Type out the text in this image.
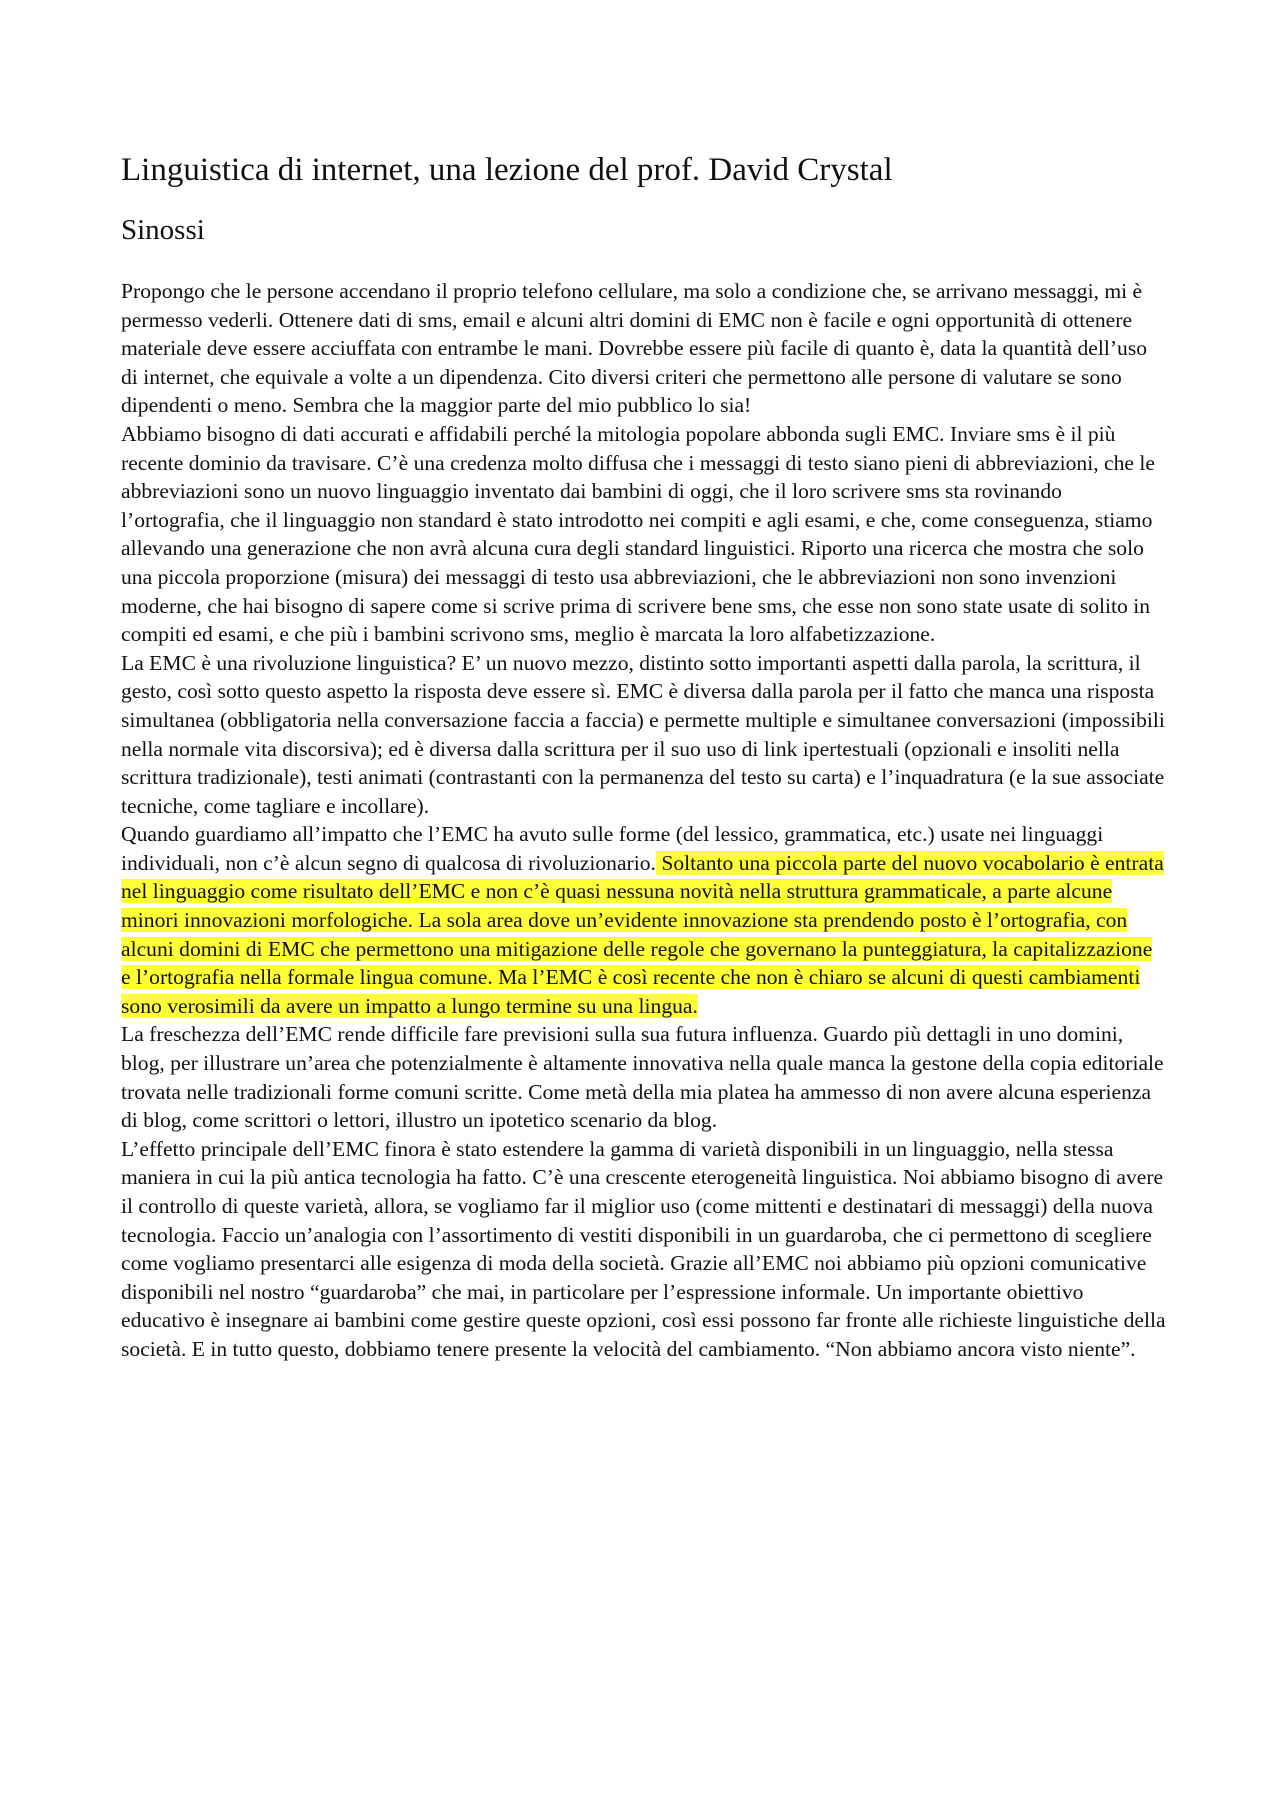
Linguistica di internet, una lezione del prof. David Crystal
Sinossi

Propongo che le persone accendano il proprio telefono cellulare, ma solo a condizione che, se arrivano messaggi, mi è permesso vederli. Ottenere dati di sms, email e alcuni altri domini di EMC non è facile e ogni opportunità di ottenere materiale deve essere acciuffata con entrambe le mani. Dovrebbe essere più facile di quanto è, data la quantità dell’uso di internet, che equivale a volte a un dipendenza. Cito diversi criteri che permettono alle persone di valutare se sono dipendenti o meno. Sembra che la maggior parte del mio pubblico lo sia!

Abbiamo bisogno di dati accurati e affidabili perché la mitologia popolare abbonda sugli EMC. Inviare sms è il più recente dominio da travisare. C’è una credenza molto diffusa che i messaggi di testo siano pieni di abbreviazioni, che le abbreviazioni sono un nuovo linguaggio inventato dai bambini di oggi, che il loro scrivere sms sta rovinando l’ortografia, che il linguaggio non standard è stato introdotto nei compiti e agli esami, e che, come conseguenza, stiamo allevando una generazione che non avrà alcuna cura degli standard linguistici. Riporto una ricerca che mostra che solo una piccola proporzione (misura) dei messaggi di testo usa abbreviazioni, che le abbreviazioni non sono invenzioni moderne, che hai bisogno di sapere come si scrive prima di scrivere bene sms, che esse non sono state usate di solito in compiti ed esami, e che più i bambini scrivono sms, meglio è marcata la loro alfabetizzazione.

La EMC è una rivoluzione linguistica? E’ un nuovo mezzo, distinto sotto importanti aspetti dalla parola, la scrittura, il gesto, così sotto questo aspetto la risposta deve essere sì. EMC è diversa dalla parola per il fatto che manca una risposta simultanea (obbligatoria nella conversazione faccia a faccia) e permette multiple e simultanee conversazioni (impossibili nella normale vita discorsiva); ed è diversa dalla scrittura per il suo uso di link ipertestuali (opzionali e insoliti nella scrittura tradizionale), testi animati (contrastanti con la permanenza del testo su carta) e l’inquadratura (e la sue associate tecniche, come tagliare e incollare).

Quando guardiamo all’impatto che l’EMC ha avuto sulle forme (del lessico, grammatica, etc.) usate nei linguaggi individuali, non c’è alcun segno di qualcosa di rivoluzionario. Soltanto una piccola parte del nuovo vocabolario è entrata nel linguaggio come risultato dell’EMC e non c’è quasi nessuna novità nella struttura grammaticale, a parte alcune minori innovazioni morfologiche. La sola area dove un’evidente innovazione sta prendendo posto è l’ortografia, con alcuni domini di EMC che permettono una mitigazione delle regole che governano la punteggiatura, la capitalizzazione e l’ortografia nella formale lingua comune. Ma l’EMC è così recente che non è chiaro se alcuni di questi cambiamenti sono verosimili da avere un impatto a lungo termine su una lingua.

La freschezza dell’EMC rende difficile fare previsioni sulla sua futura influenza. Guardo più dettagli in uno domini, blog, per illustrare un’area che potenzialmente è altamente innovativa nella quale manca la gestone della copia editoriale trovata nelle tradizionali forme comuni scritte. Come metà della mia platea ha ammesso di non avere alcuna esperienza di blog, come scrittori o lettori, illustro un ipotetico scenario da blog.

L’effetto principale dell’EMC finora è stato estendere la gamma di varietà disponibili in un linguaggio, nella stessa maniera in cui la più antica tecnologia ha fatto. C’è una crescente eterogeneità linguistica. Noi abbiamo bisogno di avere il controllo di queste varietà, allora, se vogliamo far il miglior uso (come mittenti e destinatari di messaggi) della nuova tecnologia. Faccio un’analogia con l’assortimento di vestiti disponibili in un guardaroba, che ci permettono di scegliere come vogliamo presentarci alle esigenza di moda della società. Grazie all’EMC noi abbiamo più opzioni comunicative disponibili nel nostro “guardaroba” che mai, in particolare per l’espressione informale. Un importante obiettivo educativo è insegnare ai bambini come gestire queste opzioni, così essi possono far fronte alle richieste linguistiche della società. E in tutto questo, dobbiamo tenere presente la velocità del cambiamento. “Non abbiamo ancora visto niente”.
